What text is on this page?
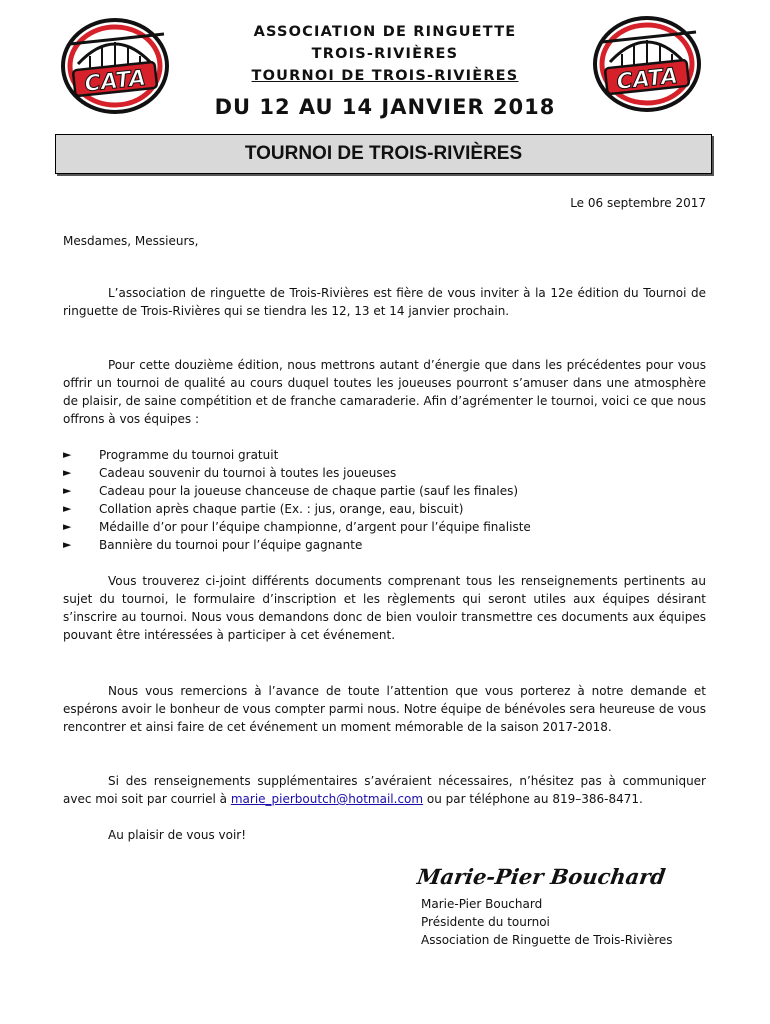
CATA	CATA
ASSOCIATION DE RINGUETTE
TROIS-RIVIÈRES
TOURNOI DE TROIS-RIVIÈRES
DU 12 AU 14 JANVIER 2018
TOURNOI DE TROIS-RIVIÈRES
Le 06 septembre 2017
Mesdames, Messieurs,
L’association de ringuette de Trois-Rivières est fière de vous inviter à la 12e édition du Tournoi de ringuette de Trois-Rivières qui se tiendra les 12, 13 et 14 janvier prochain.
Pour cette douzième édition, nous mettrons autant d’énergie que dans les précédentes pour vous offrir un tournoi de qualité au cours duquel toutes les joueuses pourront s’amuser dans une atmosphère de plaisir, de saine compétition et de franche camaraderie. Afin d’agrémenter le tournoi, voici ce que nous offrons à vos équipes :
►	Programme du tournoi gratuit
►	Cadeau souvenir du tournoi à toutes les joueuses
►	Cadeau pour la joueuse chanceuse de chaque partie (sauf les finales)
►	Collation après chaque partie (Ex. : jus, orange, eau, biscuit)
►	Médaille d’or pour l’équipe championne, d’argent pour l’équipe finaliste
►	Bannière du tournoi pour l’équipe gagnante
Vous trouverez ci-joint différents documents comprenant tous les renseignements pertinents au sujet du tournoi, le formulaire d’inscription et les règlements qui seront utiles aux équipes désirant s’inscrire au tournoi. Nous vous demandons donc de bien vouloir transmettre ces documents aux équipes pouvant être intéressées à participer à cet événement.
Nous vous remercions à l’avance de toute l’attention que vous porterez à notre demande et espérons avoir le bonheur de vous compter parmi nous. Notre équipe de bénévoles sera heureuse de vous rencontrer et ainsi faire de cet événement un moment mémorable de la saison 2017-2018.
Si des renseignements supplémentaires s’avéraient nécessaires, n’hésitez pas à communiquer avec moi soit par courriel à marie_pierboutch@hotmail.com ou par téléphone au 819–386-8471.
Au plaisir de vous voir!
Marie-Pier Bouchard
Marie-Pier Bouchard
Présidente du tournoi
Association de Ringuette de Trois-Rivières
